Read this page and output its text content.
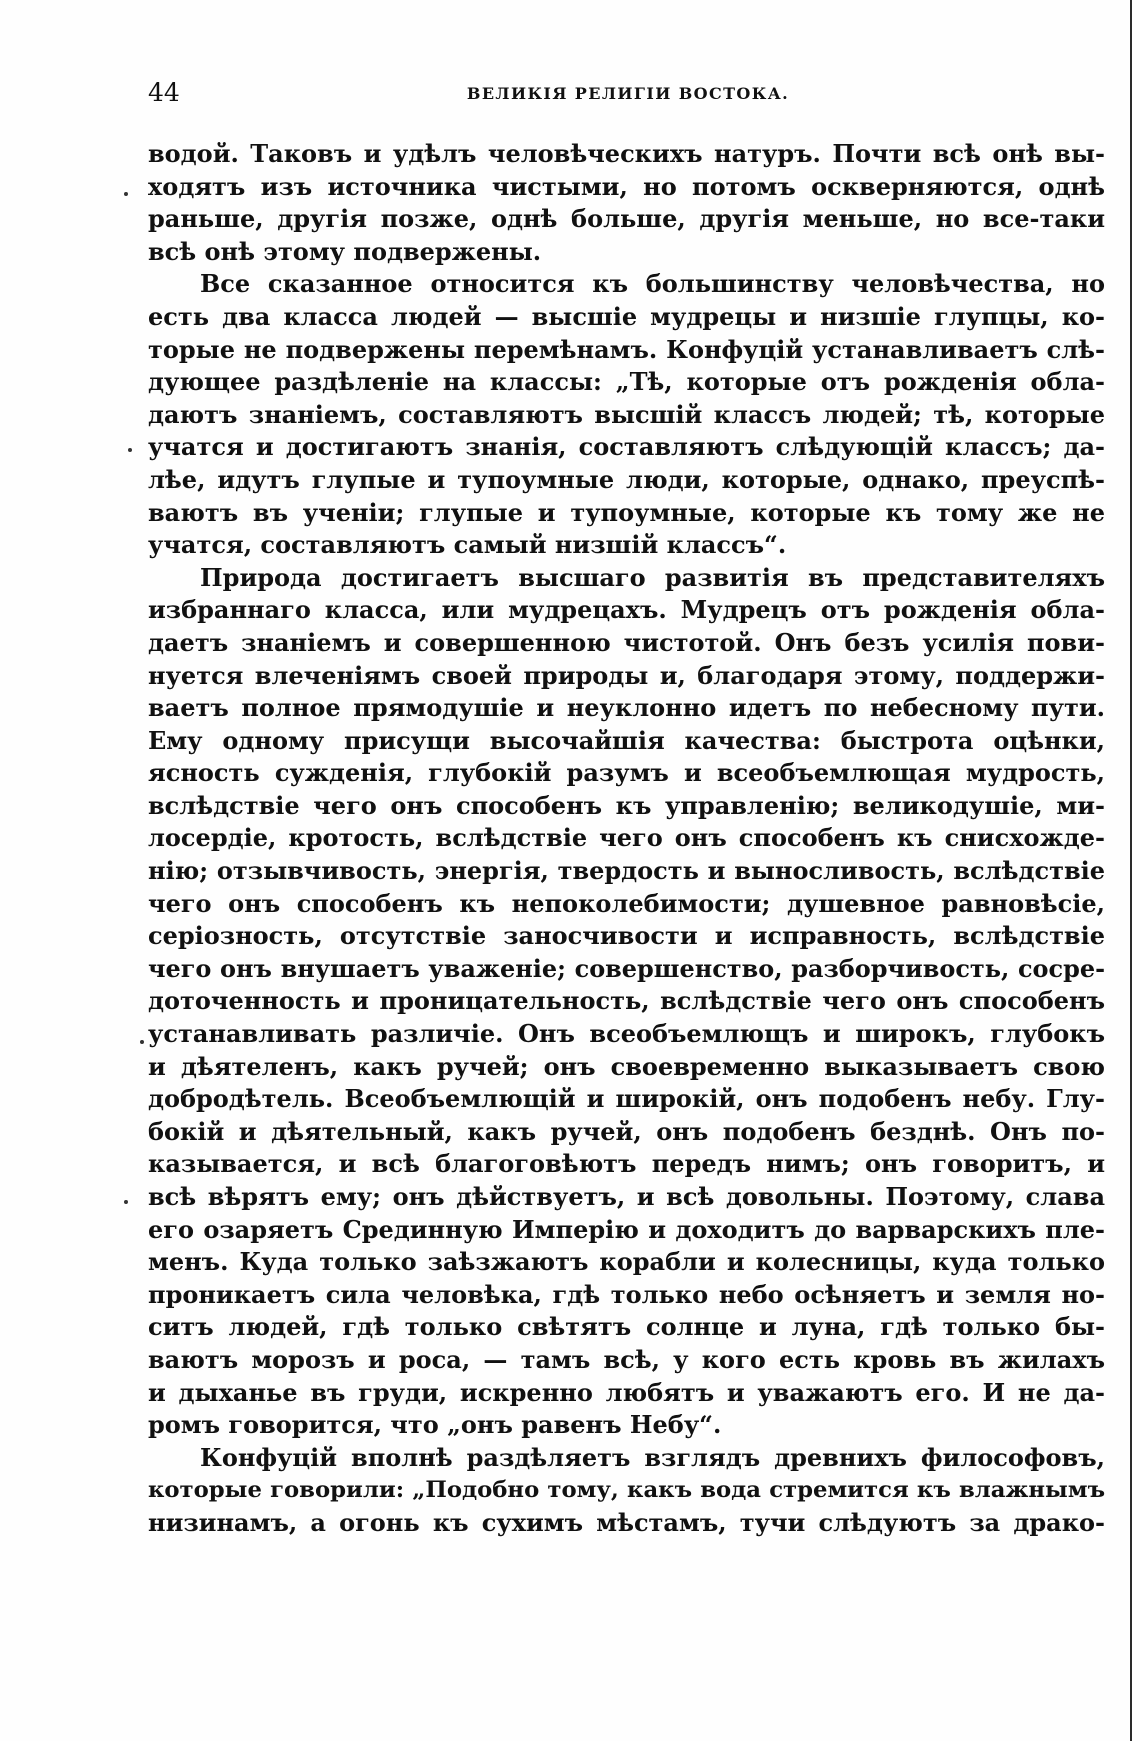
44	ВЕЛИКІЯ РЕЛИГІИ ВОСТОКА.
водой. Таковъ и удѣлъ человѣческихъ натуръ. Почти всѣ онѣ вы-
ходятъ изъ источника чистыми, но потомъ оскверняются, однѣ
раньше, другія позже, однѣ больше, другія меньше, но все-таки
всѣ онѣ этому подвержены.
Все сказанное относится къ большинству человѣчества, но
есть два класса людей — высшіе мудрецы и низшіе глупцы, ко-
торые не подвержены перемѣнамъ. Конфуцій устанавливаетъ слѣ-
дующее раздѣленіе на классы: „Тѣ, которые отъ рожденія обла-
даютъ знаніемъ, составляютъ высшій классъ людей; тѣ, которые
учатся и достигаютъ знанія, составляютъ слѣдующій классъ; да-
лѣе, идутъ глупые и тупоумные люди, которые, однако, преуспѣ-
ваютъ въ ученіи; глупые и тупоумные, которые къ тому же не
учатся, составляютъ самый низшій классъ“.
Природа достигаетъ высшаго развитія въ представителяхъ
избраннаго класса, или мудрецахъ. Мудрецъ отъ рожденія обла-
даетъ знаніемъ и совершенною чистотой. Онъ безъ усилія пови-
нуется влеченіямъ своей природы и, благодаря этому, поддержи-
ваетъ полное прямодушіе и неуклонно идетъ по небесному пути.
Ему одному присущи высочайшія качества: быстрота оцѣнки,
ясность сужденія, глубокій разумъ и всеобъемлющая мудрость,
вслѣдствіе чего онъ способенъ къ управленію; великодушіе, ми-
лосердіе, кротость, вслѣдствіе чего онъ способенъ къ снисхожде-
нію; отзывчивость, энергія, твердость и выносливость, вслѣдствіе
чего онъ способенъ къ непоколебимости; душевное равновѣсіе,
серіозность, отсутствіе заносчивости и исправность, вслѣдствіе
чего онъ внушаетъ уваженіе; совершенство, разборчивость, сосре-
доточенность и проницательность, вслѣдствіе чего онъ способенъ
устанавливать различіе. Онъ всеобъемлющъ и широкъ, глубокъ
и дѣятеленъ, какъ ручей; онъ своевременно выказываетъ свою
добродѣтель. Всеобъемлющій и широкій, онъ подобенъ небу. Глу-
бокій и дѣятельный, какъ ручей, онъ подобенъ безднѣ. Онъ по-
казывается, и всѣ благоговѣютъ передъ нимъ; онъ говоритъ, и
всѣ вѣрятъ ему; онъ дѣйствуетъ, и всѣ довольны. Поэтому, слава
его озаряетъ Срединную Имперію и доходитъ до варварскихъ пле-
менъ. Куда только заѣзжаютъ корабли и колесницы, куда только
проникаетъ сила человѣка, гдѣ только небо осѣняетъ и земля но-
ситъ людей, гдѣ только свѣтятъ солнце и луна, гдѣ только бы-
ваютъ морозъ и роса, — тамъ всѣ, у кого есть кровь въ жилахъ
и дыханье въ груди, искренно любятъ и уважаютъ его. И не да-
ромъ говорится, что „онъ равенъ Небу“.
Конфуцій вполнѣ раздѣляетъ взглядъ древнихъ философовъ,
которые говорили: „Подобно тому, какъ вода стремится къ влажнымъ
низинамъ, а огонь къ сухимъ мѣстамъ, тучи слѣдуютъ за драко-
